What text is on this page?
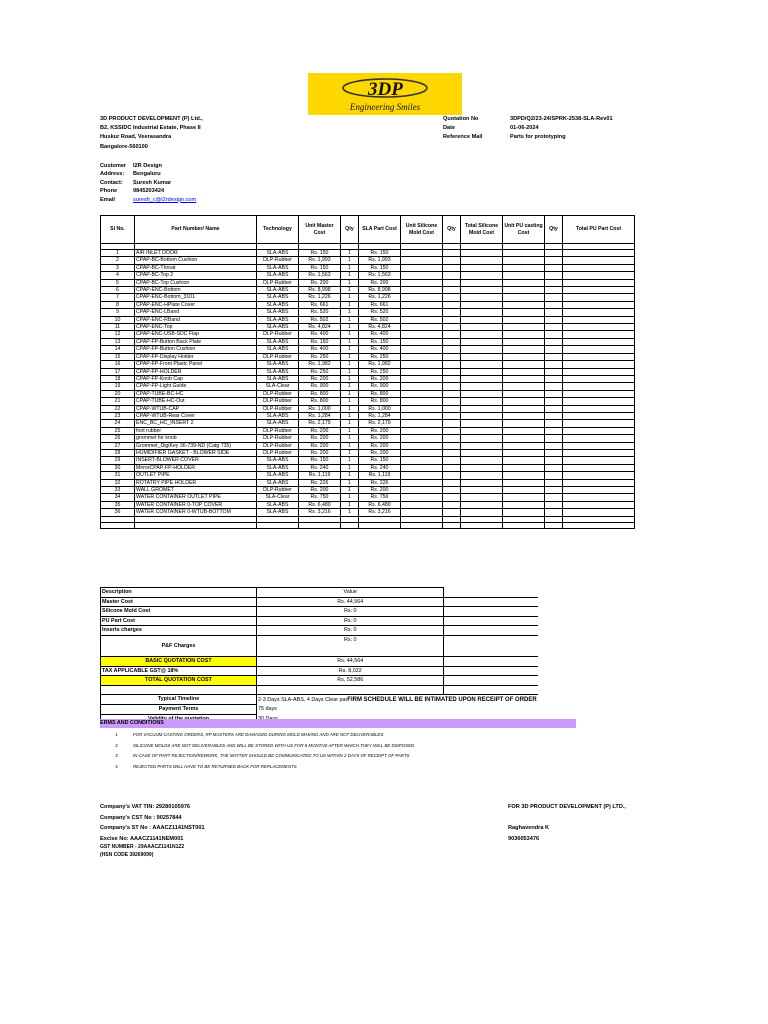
3DP
Engineering Smiles
3D PRODUCT DEVELOPMENT (P) Ltd.,
B2, KSSIDC Industrial Estate, Phase II
Huskur Road, Veerasandra
Bangalore-560100
Quotation No	3DPD/Q2/23-24/SPRK-2538-SLA-Rev01
Date	01-06-2024
Reference Mail	Parts for prototyping
Customer	I2R Design
Address:	Bengaluru
Contact:	Suresh Kumar
Phone	9845203424
Email	suresh_c@i2rdesign.com
Sl No.	Part Number/ Name	Technology	Unit Master Cost	Qty	SLA Part Cost	Unit Silicone Mold Cost	Qty	Total Silicone Mold Cost	Unit PU casting Cost	Qty	Total PU Part Cost

1	AIR INLET DOOR	SLA-ABS	Rs. 150	1	Rs. 150						
2	CPAP-BC-Bottom Cushion	DLP-Rubber	Rs. 1,993	1	Rs. 1,993						
3	CPAP-BC-Throat	SLA-ABS	Rs. 150	1	Rs. 150						
4	CPAP-BC-Top 2	SLA-ABS	Rs. 1,563	1	Rs. 1,563						
5	CPAP-BC-Top Cushion	DLP-Rubber	Rs. 200	1	Rs. 200						
6	CPAP-ENC-Bottom	SLA-ABS	Rs. 8,998	1	Rs. 8,998						
7	CPAP-ENC-Bottom_3101	SLA-ABS	Rs. 1,226	1	Rs. 1,226						
8	CPAP-ENC-HPlate Cover	SLA-ABS	Rs. 661	1	Rs. 661						
9	CPAP-ENC-LBand	SLA-ABS	Rs. 520	1	Rs. 520						
10	CPAP-ENC-RBand	SLA-ABS	Rs. 502	1	Rs. 502						
11	CPAP-ENC-Top	SLA-ABS	Rs. 4,824	1	Rs. 4,824						
12	CPAP-ENC-USB-SDC Flap	DLP-Rubber	Rs. 400	1	Rs. 400						
13	CPAP-FP-Button Back Plate	SLA-ABS	Rs. 150	1	Rs. 150						
14	CPAP-FP-Button Cushion	SLA-ABS	Rs. 400	1	Rs. 400						
15	CPAP-FP-Display Holder	DLP-Rubber	Rs. 250	1	Rs. 250						
16	CPAP-FP-Front Plastc Panel	SLA-ABS	Rs. 1,982	1	Rs. 1,982						
17	CPAP-FP-HOLDER	SLA-ABS	Rs. 250	1	Rs. 250						
18	CPAP-FP-Knob Cap	SLA-ABS	Rs. 200	1	Rs. 200						
19	CPAP-FP-Light Guide	SLA-Clear	Rs. 900	1	Rs. 900						
20	CPAP-TUBE-BC-HC	DLP-Rubber	Rs. 800	1	Rs. 800						
21	CPAP-TUBE-HC-Out	DLP-Rubber	Rs. 800	1	Rs. 800						
22	CPAP-WTUB-CAP	DLP-Rubber	Rs. 1,000	1	Rs. 1,000						
23	CPAP-WTUB-Rear Cover	SLA-ABS	Rs. 1,284	1	Rs. 1,284						
24	ENC_BC_HC_INSERT 2	SLA-ABS	Rs. 2,179	1	Rs. 2,179						
25	foot rubber	DLP-Rubber	Rs. 200	1	Rs. 200						
26	grommet for knob	DLP-Rubber	Rs. 200	1	Rs. 200						
27	Grommet_DigiKey 36-739-ND (Catg 735)	DLP-Rubber	Rs. 200	1	Rs. 200						
28	HUMIDIFIER GASKET - BLOWER SIDE	DLP-Rubber	Rs. 200	1	Rs. 200						
29	INSERT-BLOWER COVER	SLA-ABS	Rs. 150	1	Rs. 150						
30	MirrorCPAP-FP-HOLDER	SLA-ABS	Rs. 240	1	Rs. 240						
31	OUTLET PIPE	SLA-ABS	Rs. 1,119	1	Rs. 1,119						
32	ROTATRY PIPE HOLDER	SLA-ABS	Rs. 226	1	Rs. 226						
33	WALL GROMET	DLP-Rubber	Rs. 200	1	Rs. 200						
34	WATER CONTAINER OUTLET PIPE	SLA-Clear	Rs. 750	1	Rs. 750						
35	WATER CONTAINER 0-TOP COVER	SLA-ABS	Rs. 6,480	1	Rs. 6,480						
36	WATER CONTAINER 0-WTUB-BOTTOM	SLA-ABS	Rs. 3,216	1	Rs. 3,216						

Description	Value	
Master Cost	Rs. 44,564	
Silicone Mold Cost	Rs. 0	
PU Part Cost	Rs. 0	
Inserts charges	Rs. 0	
P&F Charges	Rs. 0	
BASIC QUOTATION COST	Rs. 44,564	
TAX APPLICABLE GST@ 18%	Rs. 8,022	
TOTAL QUOTATION COST	Rs. 52,586	

Typical Timeline	2-3 Days SLA-ABS, 4 Days Clear parFIRM SCHEDULE WILL BE INTIMATED UPON RECEIPT OF ORDER	
Payment Terms	75 days	

ERMS AND CONDITIONS
1	FOR VACUUM CASTING ORDERS, RP MASTERS ARE DAMAGED DURING MOLD MAKING AND ARE NOT DELIVERABLES
2	SILICONE MOLDS ARE NOT DELIVERABLES AND WILL BE STORED WITH US FOR 6 MONTHS AFTER WHICH THEY WILL BE DISPOSED
3	IN CASE OF PART REJECTION/REWORK, THE MATTER SHOULD BE COMMUNICATED TO US WITHIN 2 DAYS OF RECEIPT OF PARTS
4	REJECTED PARTS WILL HAVE TO BE RETURNED BACK FOR REPLACEMENTS
Company's VAT TIN: 29280105976
Company's CST No : 90257844
Company's ST No : AAACZ1141NST001
Excise No: AAACZ1141NEM001
GST NUMBER - 29AAACZ1141N1Z2
(HSN CODE 39269099)
FOR 3D PRODUCT DEVELOPMENT (P) LTD.,

Raghavendra K
9036053476
